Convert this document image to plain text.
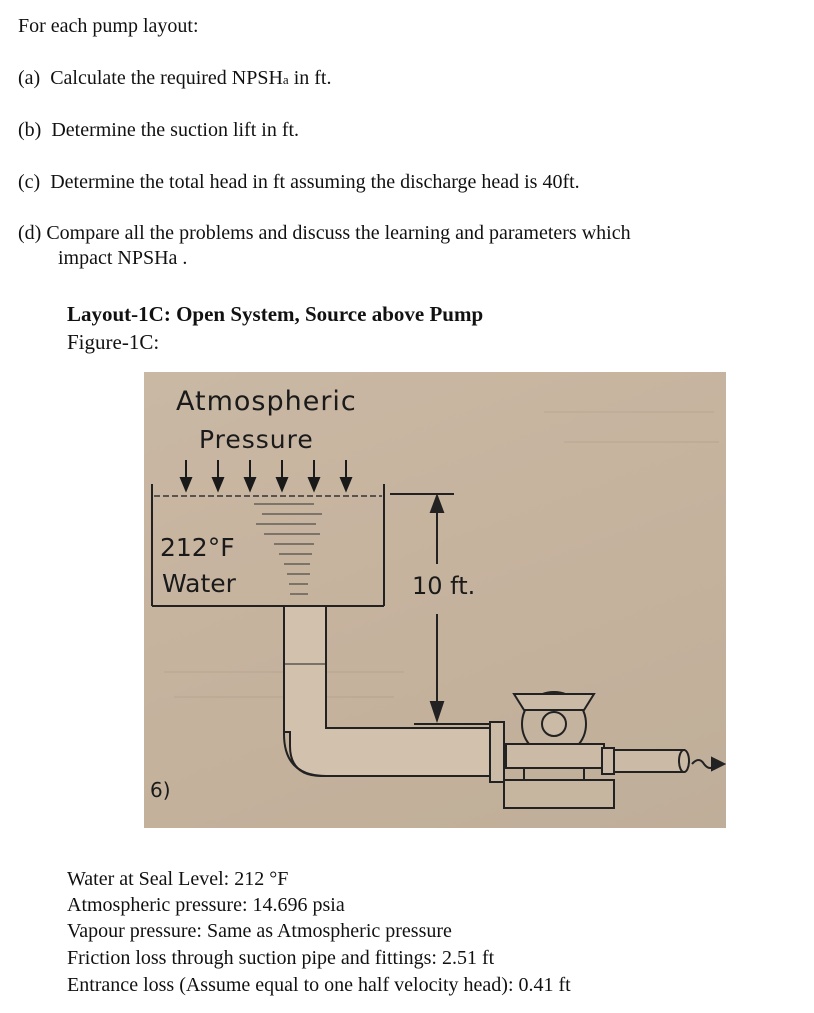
For each pump layout:

(a) Calculate the required NPSHa in ft.

(b) Determine the suction lift in ft.

(c) Determine the total head in ft assuming the discharge head is 40ft.

(d) Compare all the problems and discuss the learning and parameters which

impact NPSHa .

Layout-1C: Open System, Source above Pump
Figure-1C:
Atmospheric
Pressure
212°F
Water	10 ft.
6)

Water at Seal Level: 212 °F

Atmospheric pressure: 14.696 psia

Vapour pressure: Same as Atmospheric pressure

Friction loss through suction pipe and fittings: 2.51 ft

Entrance loss (Assume equal to one half velocity head): 0.41 ft
